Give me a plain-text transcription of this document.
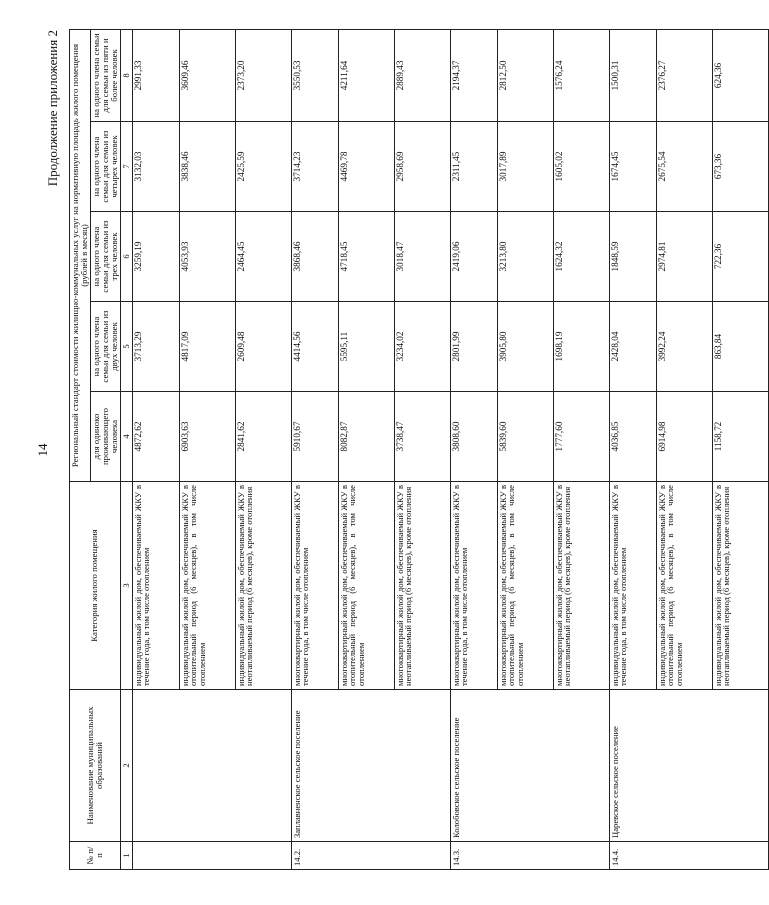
14
Продолжение приложения 2
№ п/п	Наименование муниципальных образований	Категория жилого помещения	Региональный стандарт стоимости жилищно-коммунальных услуг на нормативную площадь жилого помещения (рублей в месяц)				
			для одиноко проживающего человека	на одного члена семьи для семьи из двух человек	на одного члена семьи для семьи из трех человек	на одного члена семьи для семьи из четырех человек	на одного члена семьи для семьи из пяти и более человек
1	2	3	4	5	6	7	8
		индивидуальный жилой дом, обеспечиваемый ЖКУ в течение года, в том числе отоплением	4872,62	3713,29	3259,19	3132,03	2991,33
		индивидуальный жилой дом, обеспечиваемый ЖКУ в отопительный период (6 месяцев), в том числе отоплением	6903,63	4817,09	4053,93	3838,46	3609,46
		индивидуальный жилой дом, обеспечиваемый ЖКУ в неотапливаемый период (6 месяцев), кроме отопления	2841,62	2609,48	2464,45	2425,59	2373,20
14.2.	Заплавненское сельское поселение	многоквартирный жилой дом, обеспечиваемый ЖКУ в течение года, в том числе отоплением	5910,67	4414,56	3868,46	3714,23	3550,53
		многоквартирный жилой дом, обеспечиваемый ЖКУ в отопительный период (6 месяцев), в том числе отоплением	8082,87	5595,11	4718,45	4469,78	4211,64
		многоквартирный жилой дом, обеспечиваемый ЖКУ в неотапливаемый период (6 месяцев), кроме отопления	3738,47	3234,02	3018,47	2958,69	2889,43
14.3.	Колобовское сельское поселение	многоквартирный жилой дом, обеспечиваемый ЖКУ в течение года, в том числе отоплением	3808,60	2801,99	2419,06	2311,45	2194,37
		многоквартирный жилой дом, обеспечиваемый ЖКУ в отопительный период (6 месяцев), в том числе отоплением	5839,60	3905,80	3213,80	3017,89	2812,50
		многоквартирный жилой дом, обеспечиваемый ЖКУ в неотапливаемый период (6 месяцев), кроме отопления	1777,60	1698,19	1624,32	1605,02	1576,24
14.4.	Царевское сельское поселение	индивидуальный жилой дом, обеспечиваемый ЖКУ в течение года, в том числе отоплением	4036,85	2428,04	1848,59	1674,45	1500,31
		индивидуальный жилой дом, обеспечиваемый ЖКУ в отопительный период (6 месяцев), в том числе отоплением	6914,98	3992,24	2974,81	2675,54	2376,27
		индивидуальный жилой дом, обеспечиваемый ЖКУ в неотапливаемый период (6 месяцев), кроме отопления	1158,72	863,84	722,36	673,36	624,36
